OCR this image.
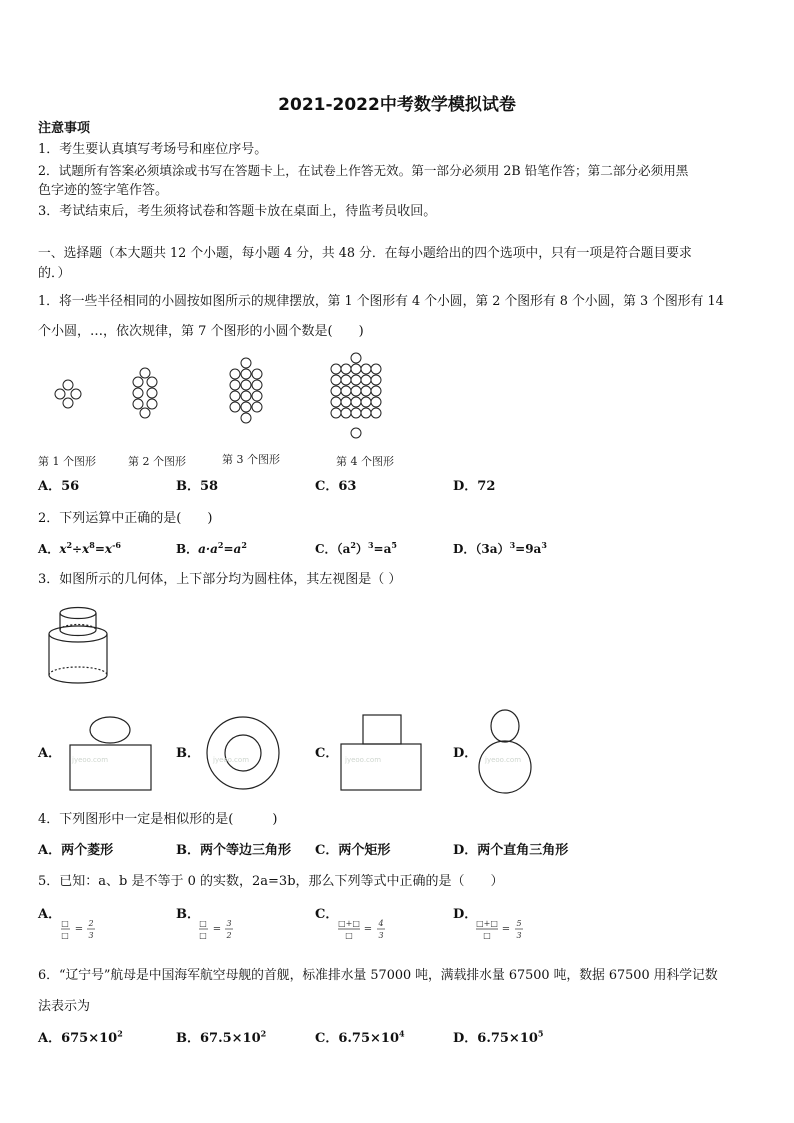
2021-2022中考数学模拟试卷
注意事项
1．考生要认真填写考场号和座位序号。
2．试题所有答案必须填涂或书写在答题卡上，在试卷上作答无效。第一部分必须用 2B 铅笔作答；第二部分必须用黑
色字迹的签字笔作答。
3．考试结束后，考生须将试卷和答题卡放在桌面上，待监考员收回。
一、选择题（本大题共 12 个小题，每小题 4 分，共 48 分．在每小题给出的四个选项中，只有一项是符合题目要求
的．）
1．将一些半径相同的小圆按如图所示的规律摆放，第 1 个图形有 4 个小圆，第 2 个图形有 8 个小圆，第 3 个图形有 14
个小圆，…，依次规律，第 7 个图形的小圆个数是(　　)
第 1 个图形	第 2 个图形	第 3 个图形	第 4 个图形
A．56	B．58	C．63	D．72
2．下列运算中正确的是(　　)
A．$x^2\div x^8=x^{-6}$	B．$a\cdot a^2=a^2$	C．$(a^2)^3=a^5$	D．$(3a)^3=9a^3$
3．如图所示的几何体，上下部分均为圆柱体，其左视图是（ ）
A． jyeoo.com	B． jyeoo.com	C． jyeoo.com	D． jyeoo.com
4．下列图形中一定是相似形的是(　　　)
A．两个菱形	B．两个等边三角形 C．两个矩形	D．两个直角三角形
5．已知：a、b 是不等于 0 的实数，2a=3b，那么下列等式中正确的是（　　）
A．
□
□
=
2
3
B．
□
□
=
3
2
C．
□+□
□
=
4
3
D．
□+□
□
=
5
3
6．“辽宁号”航母是中国海军航空母舰的首舰，标准排水量 57000 吨，满载排水量 67500 吨，数据 67500 用科学记数
法表示为
A．$675\times 10^2$	B．$67.5\times 10^2$	C．$6.75\times 10^4$	D．$6.75\times 10^5$
